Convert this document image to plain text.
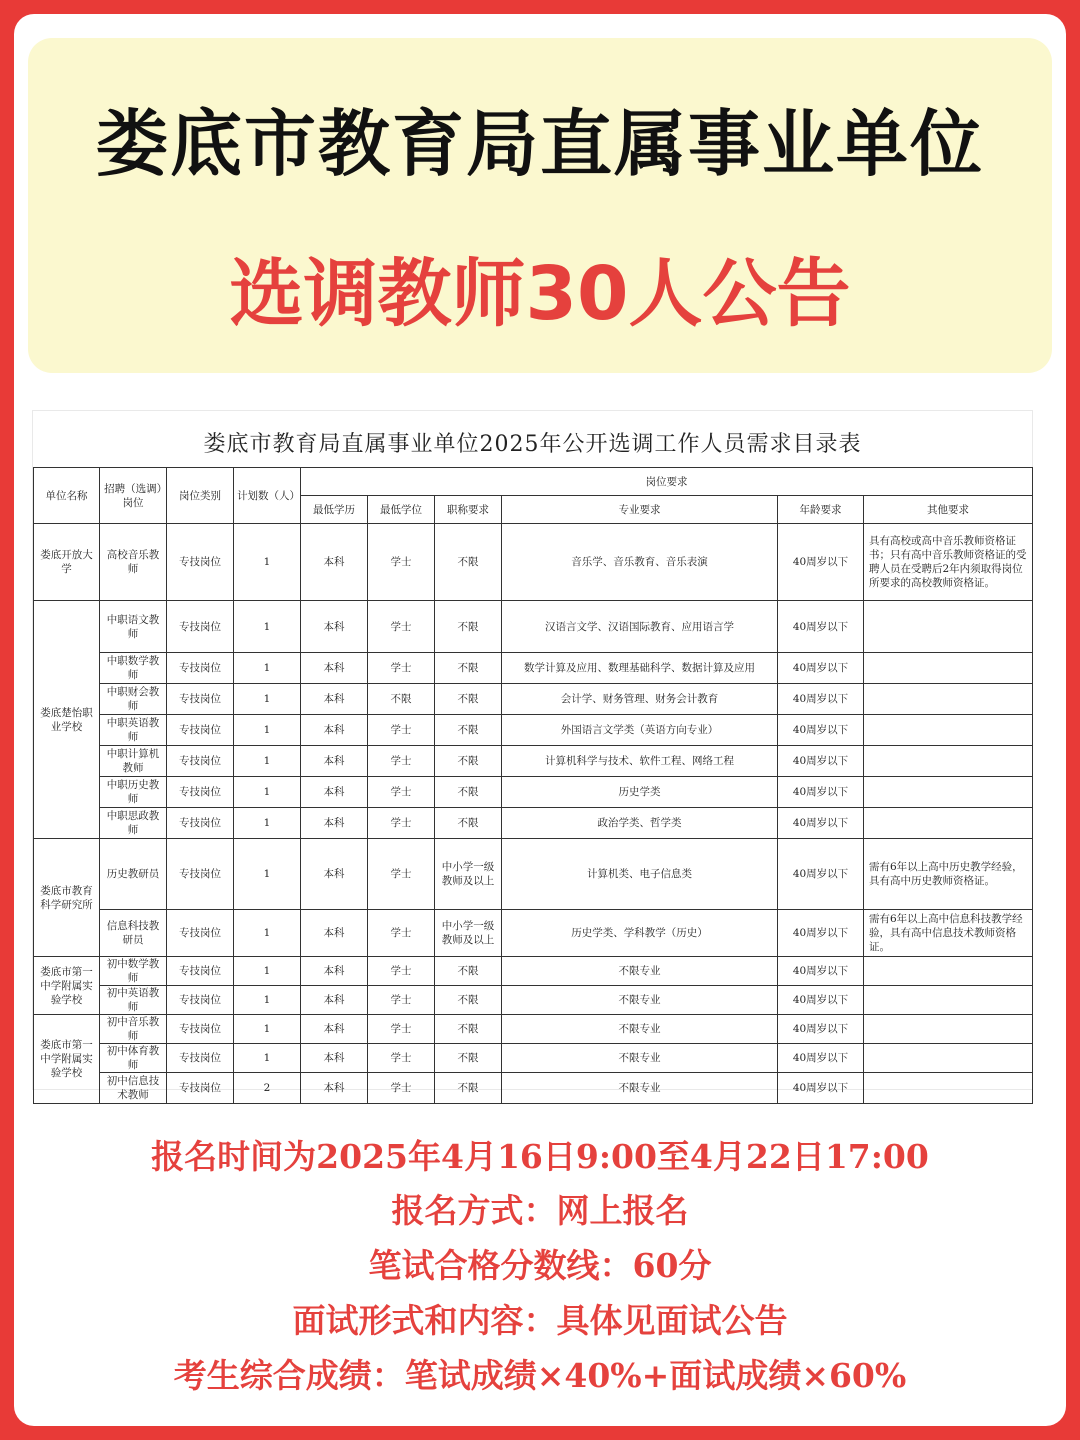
娄底市教育局直属事业单位
选调教师30人公告
娄底市教育局直属事业单位2025年公开选调工作人员需求目录表
单位名称	招聘（选调）岗位	岗位类别	计划数（人）	岗位要求					
				最低学历	最低学位	职称要求	专业要求	年龄要求	其他要求
娄底开放大学	高校音乐教师	专技岗位	1	本科	学士	不限	音乐学、音乐教育、音乐表演	40周岁以下	具有高校或高中音乐教师资格证书；只有高中音乐教师资格证的受聘人员在受聘后2年内须取得岗位所要求的高校教师资格证。
娄底楚怡职业学校	中职语文教师	专技岗位	1	本科	学士	不限	汉语言文学、汉语国际教育、应用语言学	40周岁以下	
	中职数学教师	专技岗位	1	本科	学士	不限	数学计算及应用、数理基础科学、数据计算及应用	40周岁以下	
	中职财会教师	专技岗位	1	本科	不限	不限	会计学、财务管理、财务会计教育	40周岁以下	
	中职英语教师	专技岗位	1	本科	学士	不限	外国语言文学类（英语方向专业）	40周岁以下	
	中职计算机教师	专技岗位	1	本科	学士	不限	计算机科学与技术、软件工程、网络工程	40周岁以下	
	中职历史教师	专技岗位	1	本科	学士	不限	历史学类	40周岁以下	
	中职思政教师	专技岗位	1	本科	学士	不限	政治学类、哲学类	40周岁以下	
娄底市教育科学研究所	历史教研员	专技岗位	1	本科	学士	中小学一级教师及以上	计算机类、电子信息类	40周岁以下	需有6年以上高中历史教学经验，具有高中历史教师资格证。
	信息科技教研员	专技岗位	1	本科	学士	中小学一级教师及以上	历史学类、学科教学（历史）	40周岁以下	需有6年以上高中信息科技教学经验，具有高中信息技术教师资格证。
娄底市第一中学附属实验学校	初中数学教师	专技岗位	1	本科	学士	不限	不限专业	40周岁以下	
	初中英语教师	专技岗位	1	本科	学士	不限	不限专业	40周岁以下	
娄底市第一中学附属实验学校	初中音乐教师	专技岗位	1	本科	学士	不限	不限专业	40周岁以下	
	初中体育教师	专技岗位	1	本科	学士	不限	不限专业	40周岁以下	
	初中信息技术教师	专技岗位	2	本科	学士	不限	不限专业	40周岁以下	
报名时间为2025年4月16日9:00至4月22日17:00
报名方式：网上报名
笔试合格分数线：60分
面试形式和内容：具体见面试公告
考生综合成绩：笔试成绩×40%+面试成绩×60%
